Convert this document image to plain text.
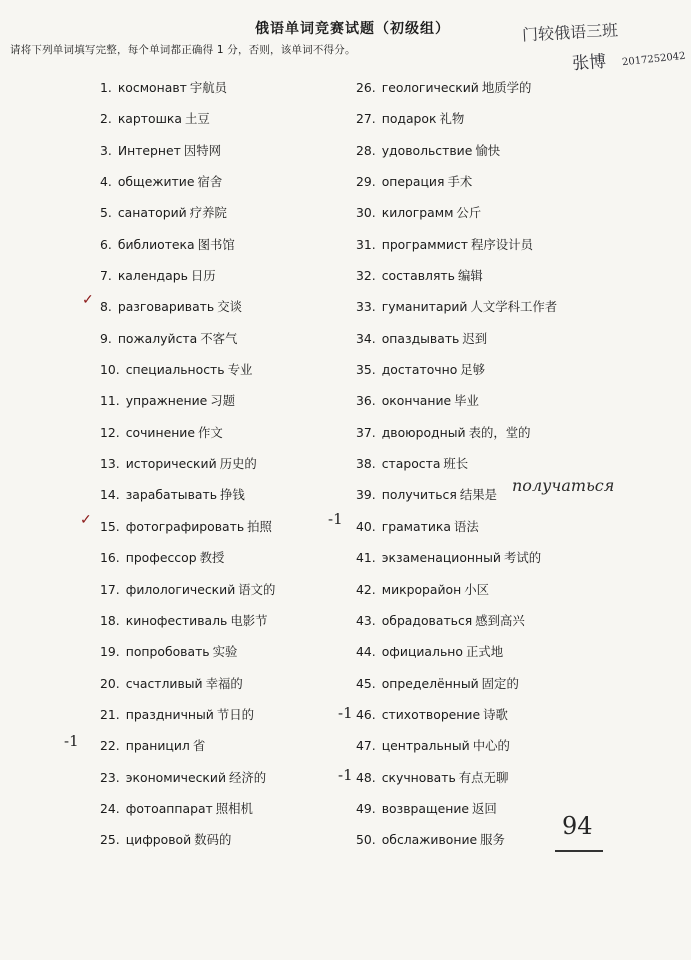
俄语单词竞赛试题（初级组）
请将下列单词填写完整，每个单词都正确得 1 分，否则，该单词不得分。
门较俄语三班
张博 2017252042
1. космонавт 宇航员
2. картошка 土豆
3. Интернет 因特网
4. общежитие 宿舍
5. санаторий 疗养院
6. библиотека 图书馆
7. календарь 日历
8. разговаривать 交谈
9. пожалуйста 不客气
10. специальность 专业
11. упражнение 习题
12. сочинение 作文
13. исторический 历史的
14. зарабатывать 挣钱
15. фотографировать 拍照
16. профессор 教授
17. филологический 语文的
18. кинофестиваль 电影节
19. попробовать 实验
20. счастливый 幸福的
21. праздничный 节日的
22. праницил 省
23. экономический 经济的
24. фотоаппарат 照相机
25. цифровой 数码的
26. геологический 地质学的
27. подарок 礼物
28. удовольствие 愉快
29. операция 手术
30. килограмм 公斤
31. программист 程序设计员
32. составлять 编辑
33. гуманитарий 人文学科工作者
34. опаздывать 迟到
35. достаточно 足够
36. окончание 毕业
37. двоюродный 表的，堂的
38. староста 班长
39. получиться 结果是
40. граматика 语法
41. экзаменационный 考试的
42. микрорайон 小区
43. обрадоваться 感到高兴
44. официально 正式地
45. определённый 固定的
46. стихотворение 诗歌
47. центральный 中心的
48. скучновать 有点无聊
49. возвращение 返回
50. обслаживоние 服务
получаться
✓
✓	-1
-1
-1
-1
94
